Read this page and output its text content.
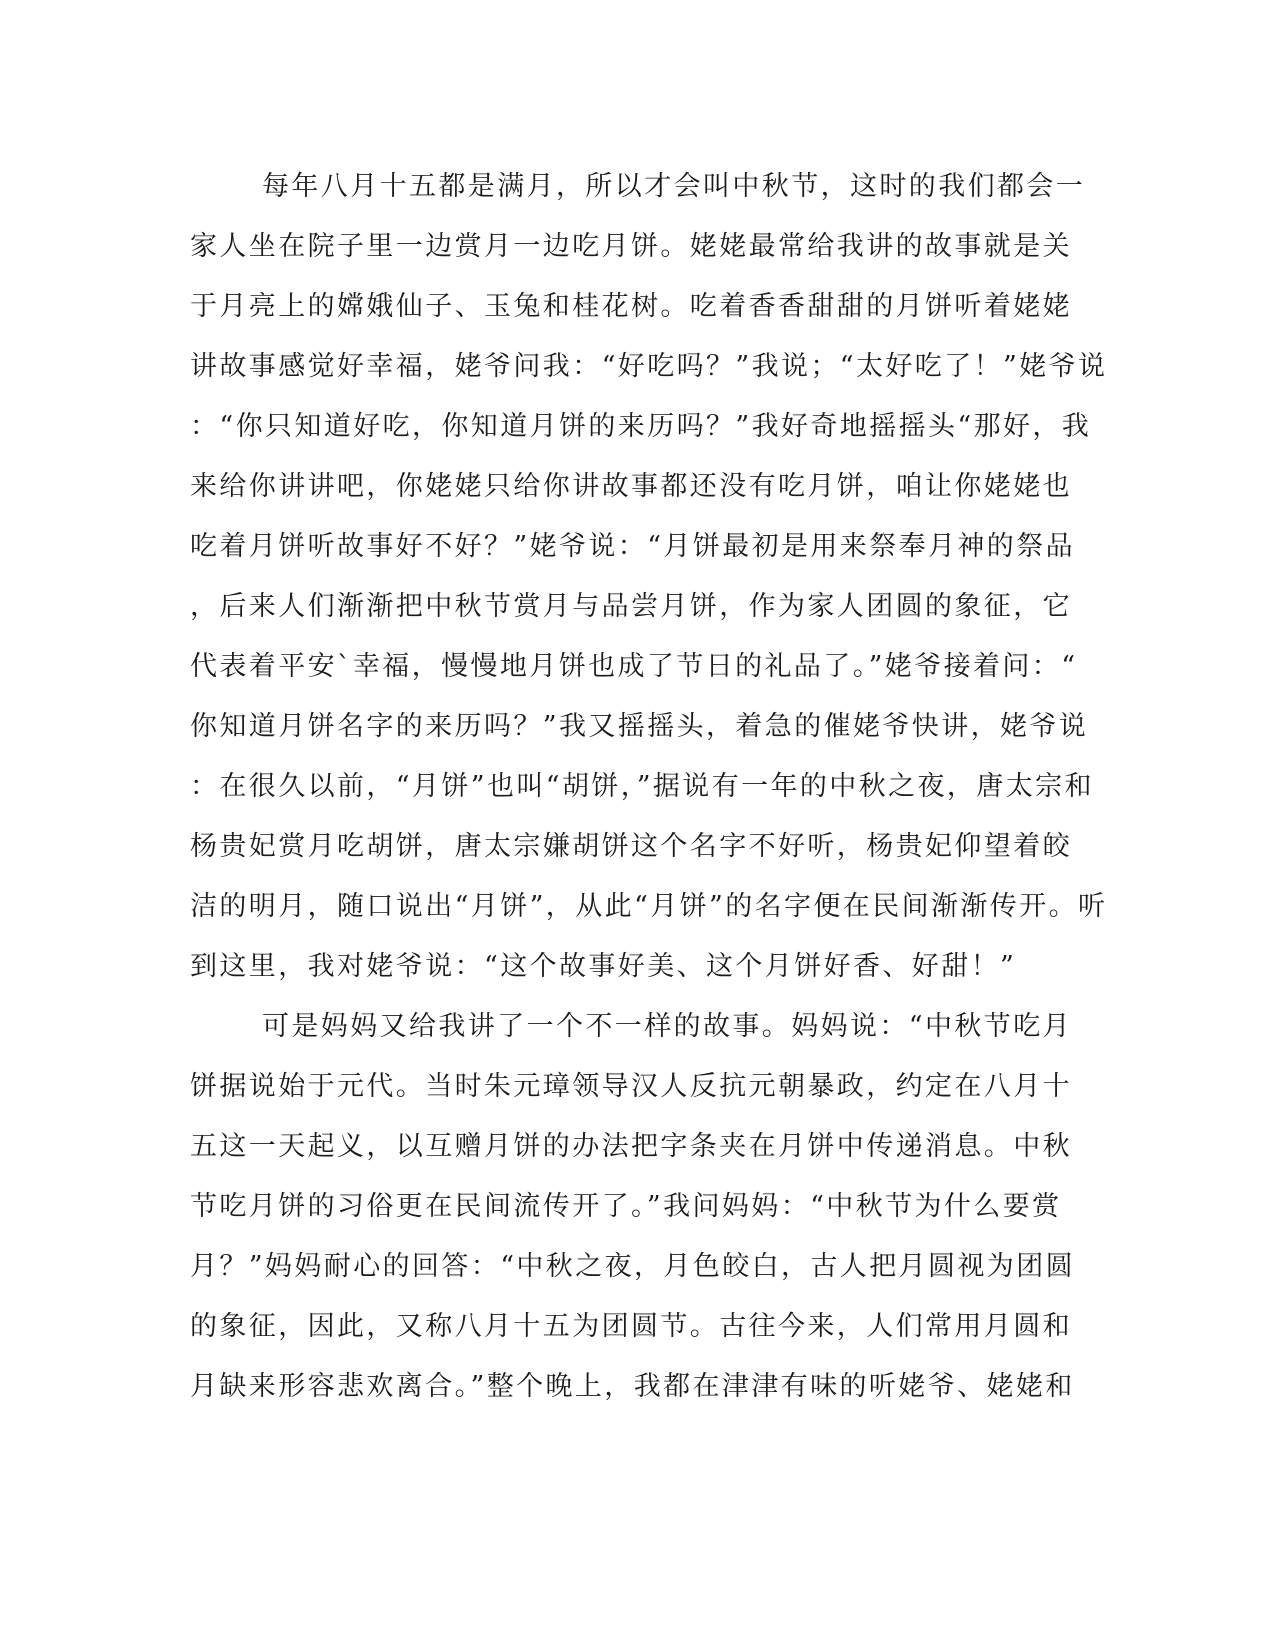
每年八月十五都是满月，所以才会叫中秋节，这时的我们都会一
家人坐在院子里一边赏月一边吃月饼。姥姥最常给我讲的故事就是关
于月亮上的嫦娥仙子、玉兔和桂花树。吃着香香甜甜的月饼听着姥姥
讲故事感觉好幸福，姥爷问我：“好吃吗？”我说；“太好吃了！”姥爷说
：“你只知道好吃，你知道月饼的来历吗？”我好奇地摇摇头“那好，我
来给你讲讲吧，你姥姥只给你讲故事都还没有吃月饼，咱让你姥姥也
吃着月饼听故事好不好？”姥爷说：“月饼最初是用来祭奉月神的祭品
，后来人们渐渐把中秋节赏月与品尝月饼，作为家人团圆的象征，它
代表着平安`幸福，慢慢地月饼也成了节日的礼品了。”姥爷接着问：“
你知道月饼名字的来历吗？”我又摇摇头，着急的催姥爷快讲，姥爷说
：在很久以前，“月饼”也叫“胡饼，”据说有一年的中秋之夜，唐太宗和
杨贵妃赏月吃胡饼，唐太宗嫌胡饼这个名字不好听，杨贵妃仰望着皎
洁的明月，随口说出“月饼”，从此“月饼”的名字便在民间渐渐传开。听
到这里，我对姥爷说：“这个故事好美、这个月饼好香、好甜！”
可是妈妈又给我讲了一个不一样的故事。妈妈说：“中秋节吃月
饼据说始于元代。当时朱元璋领导汉人反抗元朝暴政，约定在八月十
五这一天起义，以互赠月饼的办法把字条夹在月饼中传递消息。中秋
节吃月饼的习俗更在民间流传开了。”我问妈妈：“中秋节为什么要赏
月？”妈妈耐心的回答：“中秋之夜，月色皎白，古人把月圆视为团圆
的象征，因此，又称八月十五为团圆节。古往今来，人们常用月圆和
月缺来形容悲欢离合。”整个晚上，我都在津津有味的听姥爷、姥姥和
